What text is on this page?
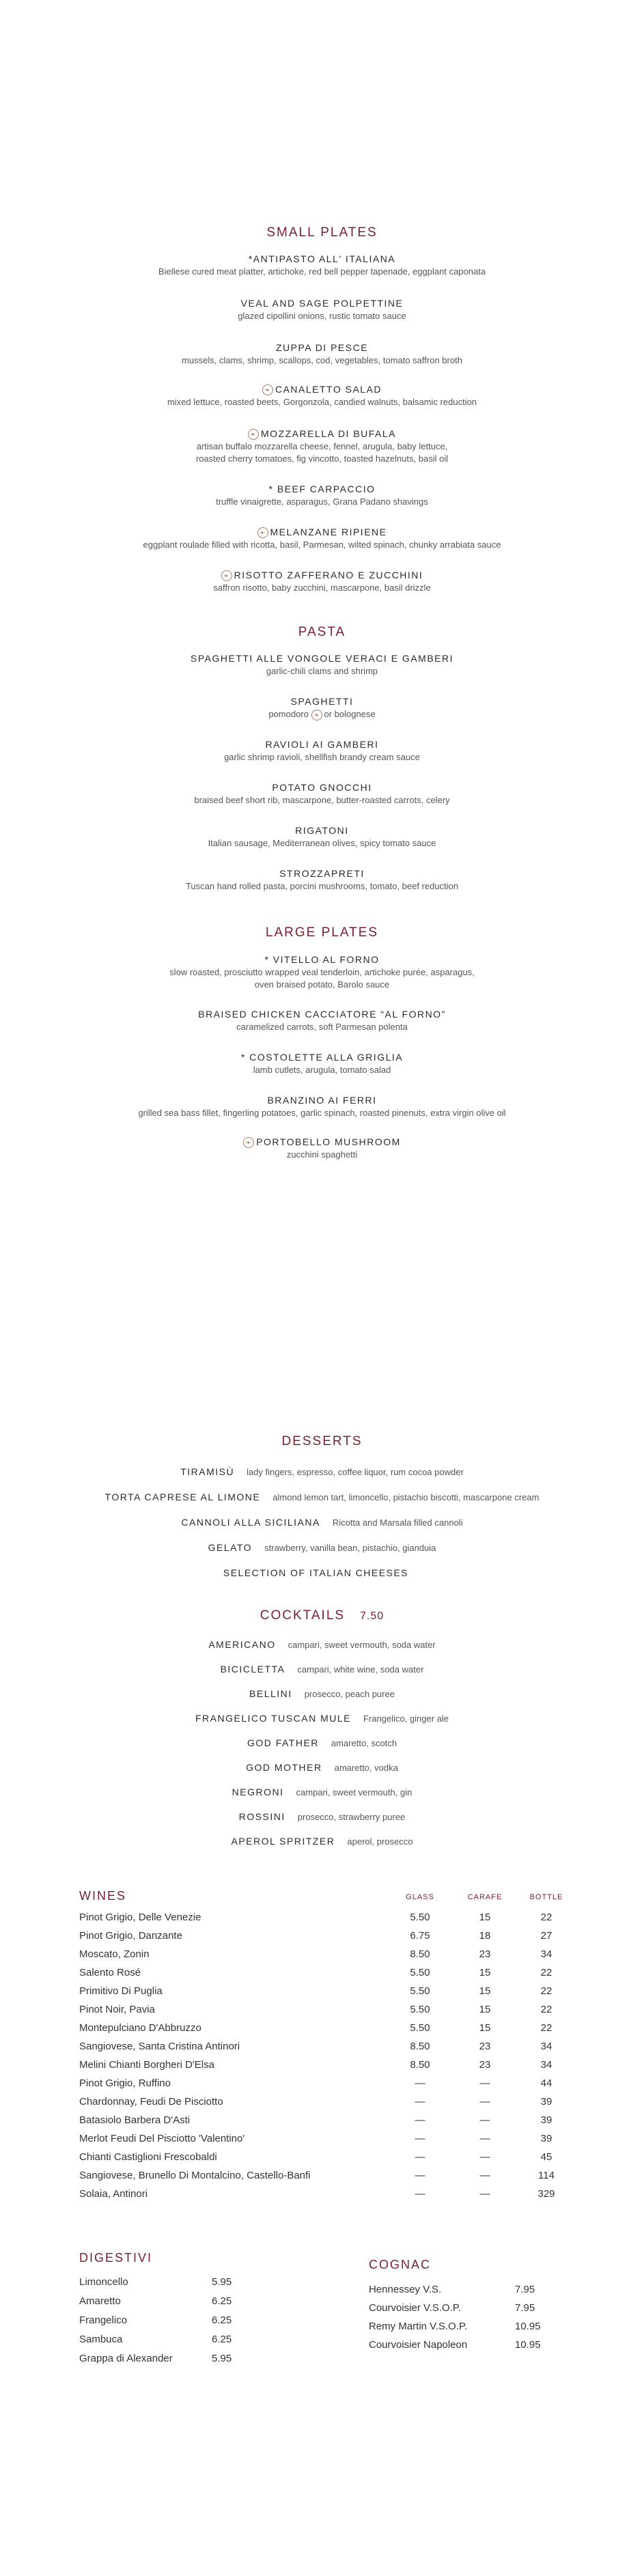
SMALL PLATES
*ANTIPASTO ALL' ITALIANA
Biellese cured meat platter, artichoke, red bell pepper tapenade, eggplant caponata
VEAL AND SAGE POLPETTINE
glazed cipollini onions, rustic tomato sauce
ZUPPA DI PESCE
mussels, clams, shrimp, scallops, cod, vegetables, tomato saffron broth
❧ CANALETTO SALAD
mixed lettuce, roasted beets, Gorgonzola, candied walnuts, balsamic reduction
❧ MOZZARELLA DI BUFALA
artisan buffalo mozzarella cheese, fennel, arugula, baby lettuce,
roasted cherry tomatoes, fig vincotto, toasted hazelnuts, basil oil
* BEEF CARPACCIO
truffle vinaigrette, asparagus, Grana Padano shavings
❧ MELANZANE RIPIENE
eggplant roulade filled with ricotta, basil, Parmesan, wilted spinach, chunky arrabiata sauce
❧ RISOTTO ZAFFERANO E ZUCCHINI
saffron risotto, baby zucchini, mascarpone, basil drizzle
PASTA
SPAGHETTI ALLE VONGOLE VERACI E GAMBERI
garlic-chili clams and shrimp
SPAGHETTI
pomodoro ❧ or bolognese
RAVIOLI AI GAMBERI
garlic shrimp ravioli, shellfish brandy cream sauce
POTATO GNOCCHI
braised beef short rib, mascarpone, butter-roasted carrots, celery
RIGATONI
Italian sausage, Mediterranean olives, spicy tomato sauce
STROZZAPRETI
Tuscan hand rolled pasta, porcini mushrooms, tomato, beef reduction
LARGE PLATES
* VITELLO AL FORNO
slow roasted, prosciutto wrapped veal tenderloin, artichoke purée, asparagus,
oven braised potato, Barolo sauce
BRAISED CHICKEN CACCIATORE “AL FORNO”
caramelized carrots, soft Parmesan polenta
* COSTOLETTE ALLA GRIGLIA
lamb cutlets, arugula, tomato salad
BRANZINO AI FERRI
grilled sea bass fillet, fingerling potatoes, garlic spinach, roasted pinenuts, extra virgin olive oil
❧ PORTOBELLO MUSHROOM
zucchini spaghetti
DESSERTS
TIRAMISÙ lady fingers, espresso, coffee liquor, rum cocoa powder
TORTA CAPRESE AL LIMONE almond lemon tart, limoncello, pistachio biscotti, mascarpone cream
CANNOLI ALLA SICILIANA Ricotta and Marsala filled cannoli
GELATO strawberry, vanilla bean, pistachio, gianduia
SELECTION OF ITALIAN CHEESES
COCKTAILS 7.50
AMERICANO campari, sweet vermouth, soda water
BICICLETTA campari, white wine, soda water
BELLINI prosecco, peach puree
FRANGELICO TUSCAN MULE Frangelico, ginger ale
GOD FATHER amaretto, scotch
GOD MOTHER amaretto, vodka
NEGRONI campari, sweet vermouth, gin
ROSSINI prosecco, strawberry puree
APEROL SPRITZER aperol, prosecco
WINES	GLASS	CARAFE	BOTTLE
Pinot Grigio, Delle Venezie	5.50	15	22
Pinot Grigio, Danzante	6.75	18	27
Moscato, Zonin	8.50	23	34
Salento Rosé	5.50	15	22
Primitivo Di Puglia	5.50	15	22
Pinot Noir, Pavia	5.50	15	22
Montepulciano D'Abbruzzo	5.50	15	22
Sangiovese, Santa Cristina Antinori	8.50	23	34
Melini Chianti Borgheri D'Elsa	8.50	23	34
Pinot Grigio, Ruffino	—	—	44
Chardonnay, Feudi De Pisciotto	—	—	39
Batasiolo Barbera D'Asti	—	—	39
Merlot Feudi Del Pisciotto 'Valentino'	—	—	39
Chianti Castiglioni Frescobaldi	—	—	45
Sangiovese, Brunello Di Montalcino, Castello-Banfi	—	—	114
Solaia, Antinori	—	—	329
DIGESTIVI
Limoncello	5.95
Amaretto	6.25
Frangelico	6.25
Sambuca	6.25
Grappa di Alexander	5.95
COGNAC
Hennessey V.S.	7.95
Courvoisier V.S.O.P.	7.95
Remy Martin V.S.O.P.	10.95
Courvoisier Napoleon	10.95
